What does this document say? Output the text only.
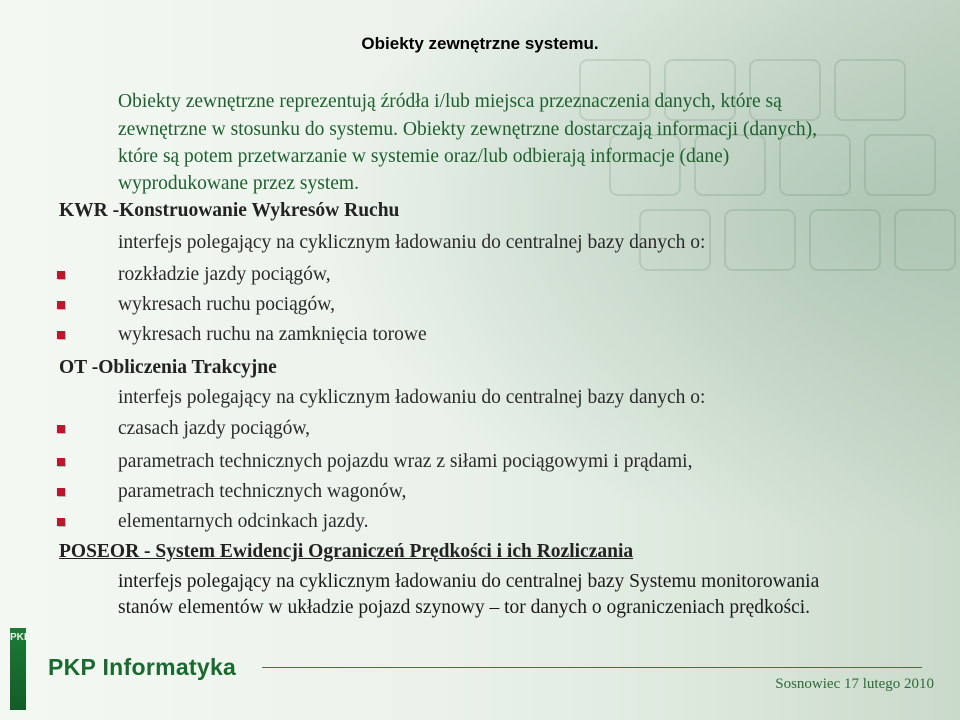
Obiekty zewnętrzne systemu.
Obiekty zewnętrzne reprezentują źródła i/lub miejsca przeznaczenia danych, które są
zewnętrzne w stosunku do systemu. Obiekty zewnętrzne dostarczają informacji (danych),
które są potem przetwarzanie w systemie oraz/lub odbierają informacje (dane)
wyprodukowane przez system.
KWR -Konstruowanie Wykresów Ruchu
interfejs polegający na cyklicznym ładowaniu do centralnej bazy danych o:
rozkładzie jazdy pociągów,
wykresach ruchu pociągów,
wykresach ruchu na zamknięcia torowe
OT -Obliczenia Trakcyjne
interfejs polegający na cyklicznym ładowaniu do centralnej bazy danych o:
czasach jazdy pociągów,
parametrach technicznych pojazdu wraz z siłami pociągowymi i prądami,
parametrach technicznych wagonów,
elementarnych odcinkach jazdy.
POSEOR - System Ewidencji Ograniczeń Prędkości i ich Rozliczania
interfejs polegający na cyklicznym ładowaniu do centralnej bazy Systemu monitorowania
stanów elementów w układzie pojazd szynowy – tor danych o ograniczeniach prędkości.
PKP
PKP Informatyka
Sosnowiec 17 lutego 2010
